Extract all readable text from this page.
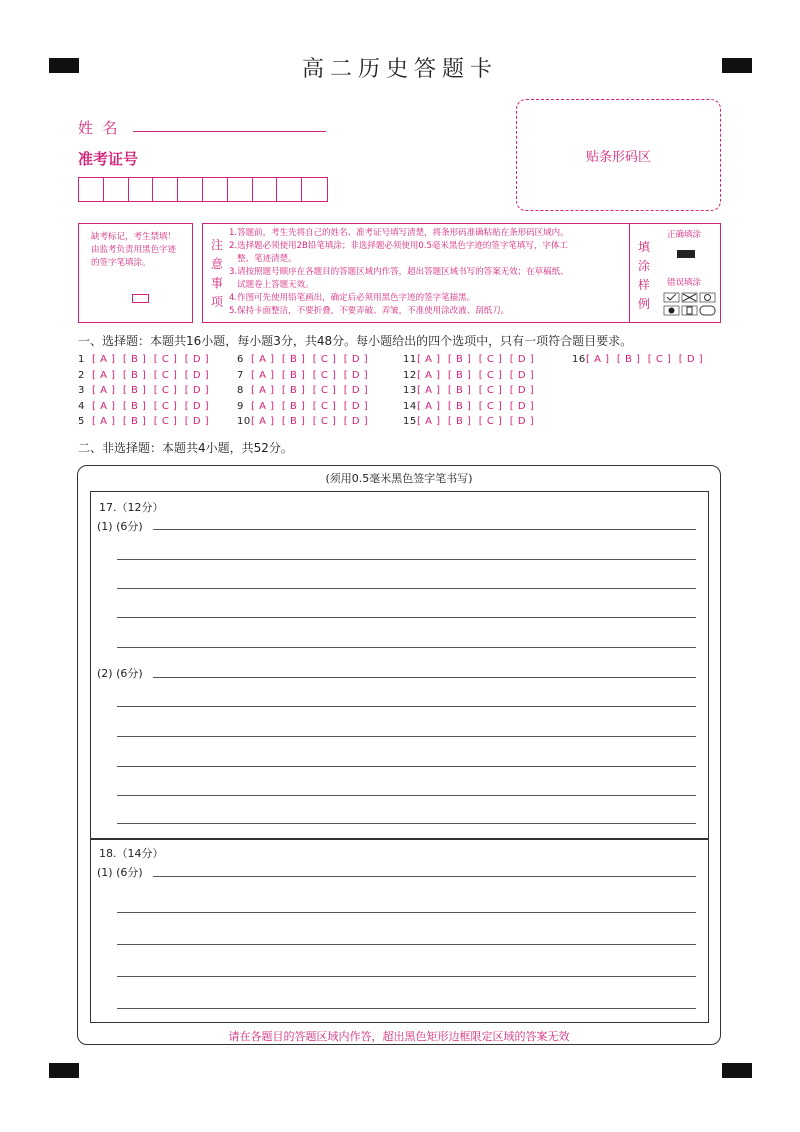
高二历史答题卡
姓  名
准考证号	贴条形码区
缺考标记，考生禁填！
由监考负责用黑色字迹
的签字笔填涂。
注
意
事
项
1.答题前，考生先将自己的姓名、准考证号填写清楚，将条形码准确粘贴在条形码区域内。
2.选择题必须使用2B铅笔填涂；非选择题必须使用0.5毫米黑色字迹的签字笔填写，字体工
整、笔迹清楚。
3.请按照题号顺序在各题目的答题区域内作答，超出答题区域书写的答案无效；在草稿纸、
试题卷上答题无效。
4.作图可先使用铅笔画出，确定后必须用黑色字迹的签字笔描黑。
5.保持卡面整洁，不要折叠，不要弄破、弄皱，不准使用涂改液、刮纸刀。
填
涂
样
例
正确填涂
错误填涂
一、选择题：本题共16小题，每小题3分，共48分。每小题给出的四个选项中，只有一项符合题目要求。
1 [ A ]  [ B ]  [ C ]  [ D ]
2 [ A ]  [ B ]  [ C ]  [ D ]
3 [ A ]  [ B ]  [ C ]  [ D ]
4 [ A ]  [ B ]  [ C ]  [ D ]
5 [ A ]  [ B ]  [ C ]  [ D ]
6 [ A ]  [ B ]  [ C ]  [ D ]
7 [ A ]  [ B ]  [ C ]  [ D ]
8 [ A ]  [ B ]  [ C ]  [ D ]
9 [ A ]  [ B ]  [ C ]  [ D ]
10[ A ]  [ B ]  [ C ]  [ D ]
11[ A ]  [ B ]  [ C ]  [ D ]
12[ A ]  [ B ]  [ C ]  [ D ]
13[ A ]  [ B ]  [ C ]  [ D ]
14[ A ]  [ B ]  [ C ]  [ D ]
15[ A ]  [ B ]  [ C ]  [ D ]
16[ A ]  [ B ]  [ C ]  [ D ]
二、非选择题：本题共4小题，共52分。
(须用0.5毫米黑色签字笔书写)
17.（12分）
(1) (6分)
(2) (6分)
18.（14分）
(1) (6分)
请在各题目的答题区域内作答，超出黑色矩形边框限定区域的答案无效
